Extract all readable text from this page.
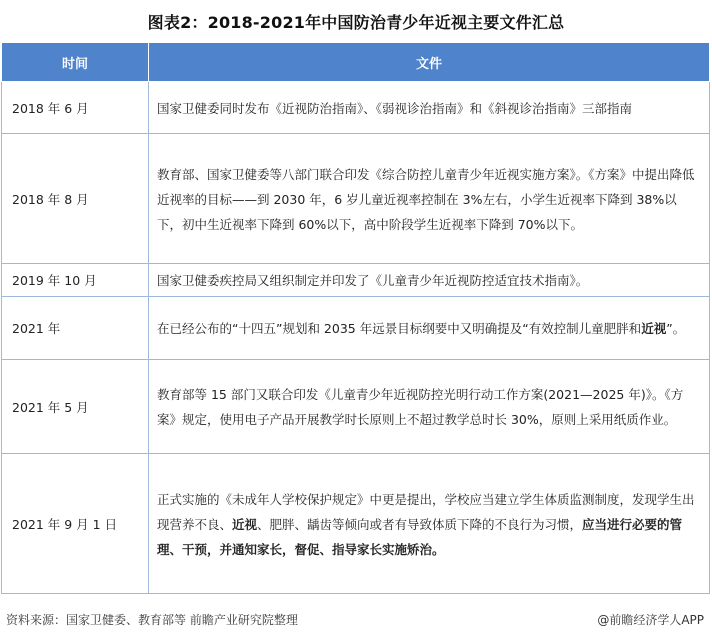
图表2：2018-2021年中国防治青少年近视主要文件汇总
时间	文件
2018 年 6 月	国家卫健委同时发布《近视防治指南》、《弱视诊治指南》和《斜视诊治指南》三部指南
2018 年 8 月	教育部、国家卫健委等八部门联合印发《综合防控儿童青少年近视实施方案》。《方案》中提出降低近视率的目标——到 2030 年，6 岁儿童近视率控制在 3%左右，小学生近视率下降到 38%以下，初中生近视率下降到 60%以下，高中阶段学生近视率下降到 70%以下。
2019 年 10 月	国家卫健委疾控局又组织制定并印发了《儿童青少年近视防控适宜技术指南》。
2021 年	在已经公布的“十四五”规划和 2035 年远景目标纲要中又明确提及“有效控制儿童肥胖和近视”。
2021 年 5 月	教育部等 15 部门又联合印发《儿童青少年近视防控光明行动工作方案(2021—2025 年)》。《方案》规定，使用电子产品开展教学时长原则上不超过教学总时长 30%，原则上采用纸质作业。
2021 年 9 月 1 日	正式实施的《未成年人学校保护规定》中更是提出，学校应当建立学生体质监测制度，发现学生出现营养不良、近视、肥胖、龋齿等倾向或者有导致体质下降的不良行为习惯，应当进行必要的管理、干预，并通知家长，督促、指导家长实施矫治。
资料来源：国家卫健委、教育部等 前瞻产业研究院整理	@前瞻经济学人APP
